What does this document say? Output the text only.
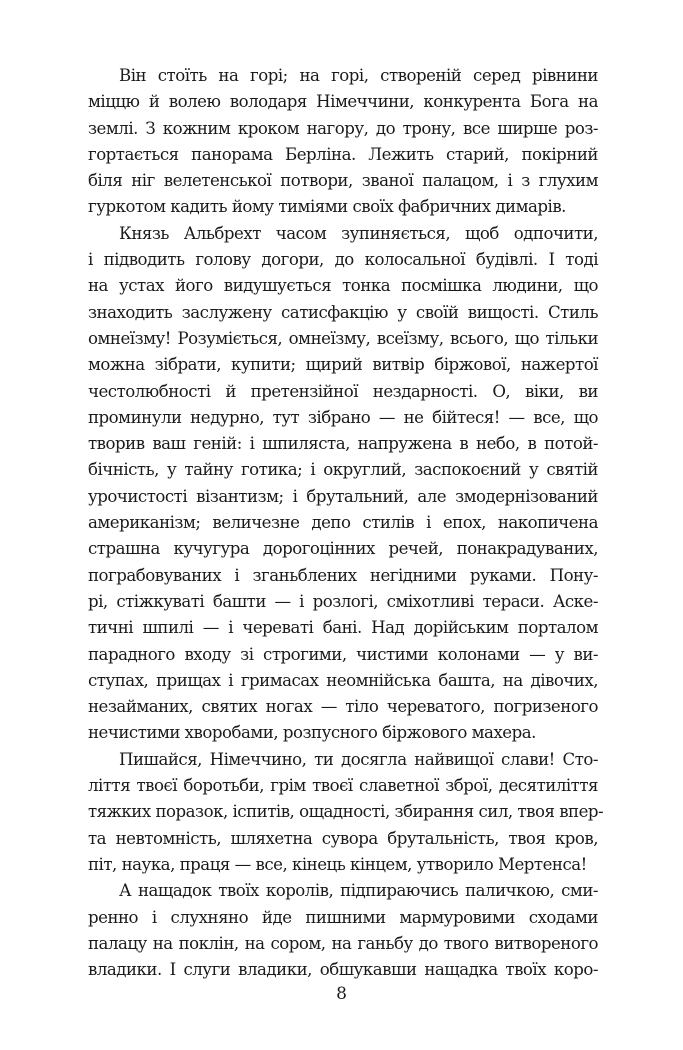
Він стоїть на горі; на горі, створеній серед рівнини
міццю й волею володаря Німеччини, конкурента Бога на
землі. З кожним кроком нагору, до трону, все ширше роз-
гортається панорама Берліна. Лежить старий, покірний
біля ніг велетенської потвори, званої палацом, і з глухим
гуркотом кадить йому тиміями своїх фабричних димарів.
Князь Альбрехт часом зупиняється, щоб одпочити,
і підводить голову догори, до колосальної будівлі. І тоді
на устах його видушується тонка посмішка людини, що
знаходить заслужену сатисфакцію у своїй вищості. Стиль
омнеїзму! Розуміється, омнеїзму, всеїзму, всього, що тільки
можна зібрати, купити; щирий витвір біржової, нажертої
честолюбності й претензійної нездарності. О, віки, ви
проминули недурно, тут зібрано — не бійтеся! — все, що
творив ваш геній: і шпиляста, напружена в небо, в потой-
бічність, у тайну готика; і округлий, заспокоєний у святій
урочистості візантизм; і брутальний, але змодернізований
американізм; величезне депо стилів і епох, накопичена
страшна кучугура дорогоцінних речей, понакрадуваних,
пограбовуваних і зганьблених негідними руками. Пону-
рі, стіжкуваті башти — і розлогі, сміхотливі тераси. Аске-
тичні шпилі — і череваті бані. Над дорійським порталом
парадного входу зі строгими, чистими колонами — у ви-
ступах, прищах і гримасах неомнійська башта, на дівочих,
незайманих, святих ногах — тіло череватого, погризеного
нечистими хворобами, розпусного біржового махера.
Пишайся, Німеччино, ти досягла найвищої слави! Сто-
ліття твоєї боротьби, грім твоєї славетної зброї, десятиліття
тяжких поразок, іспитів, ощадності, збирання сил, твоя впер-
та невтомність, шляхетна сувора брутальність, твоя кров,
піт, наука, праця — все, кінець кінцем, утворило Мертенса!
А нащадок твоїх королів, підпираючись паличкою, сми-
ренно і слухняно йде пишними мармуровими сходами
палацу на поклін, на сором, на ганьбу до твого витвореного
владики. І слуги владики, обшукавши нащадка твоїх коро-
8
